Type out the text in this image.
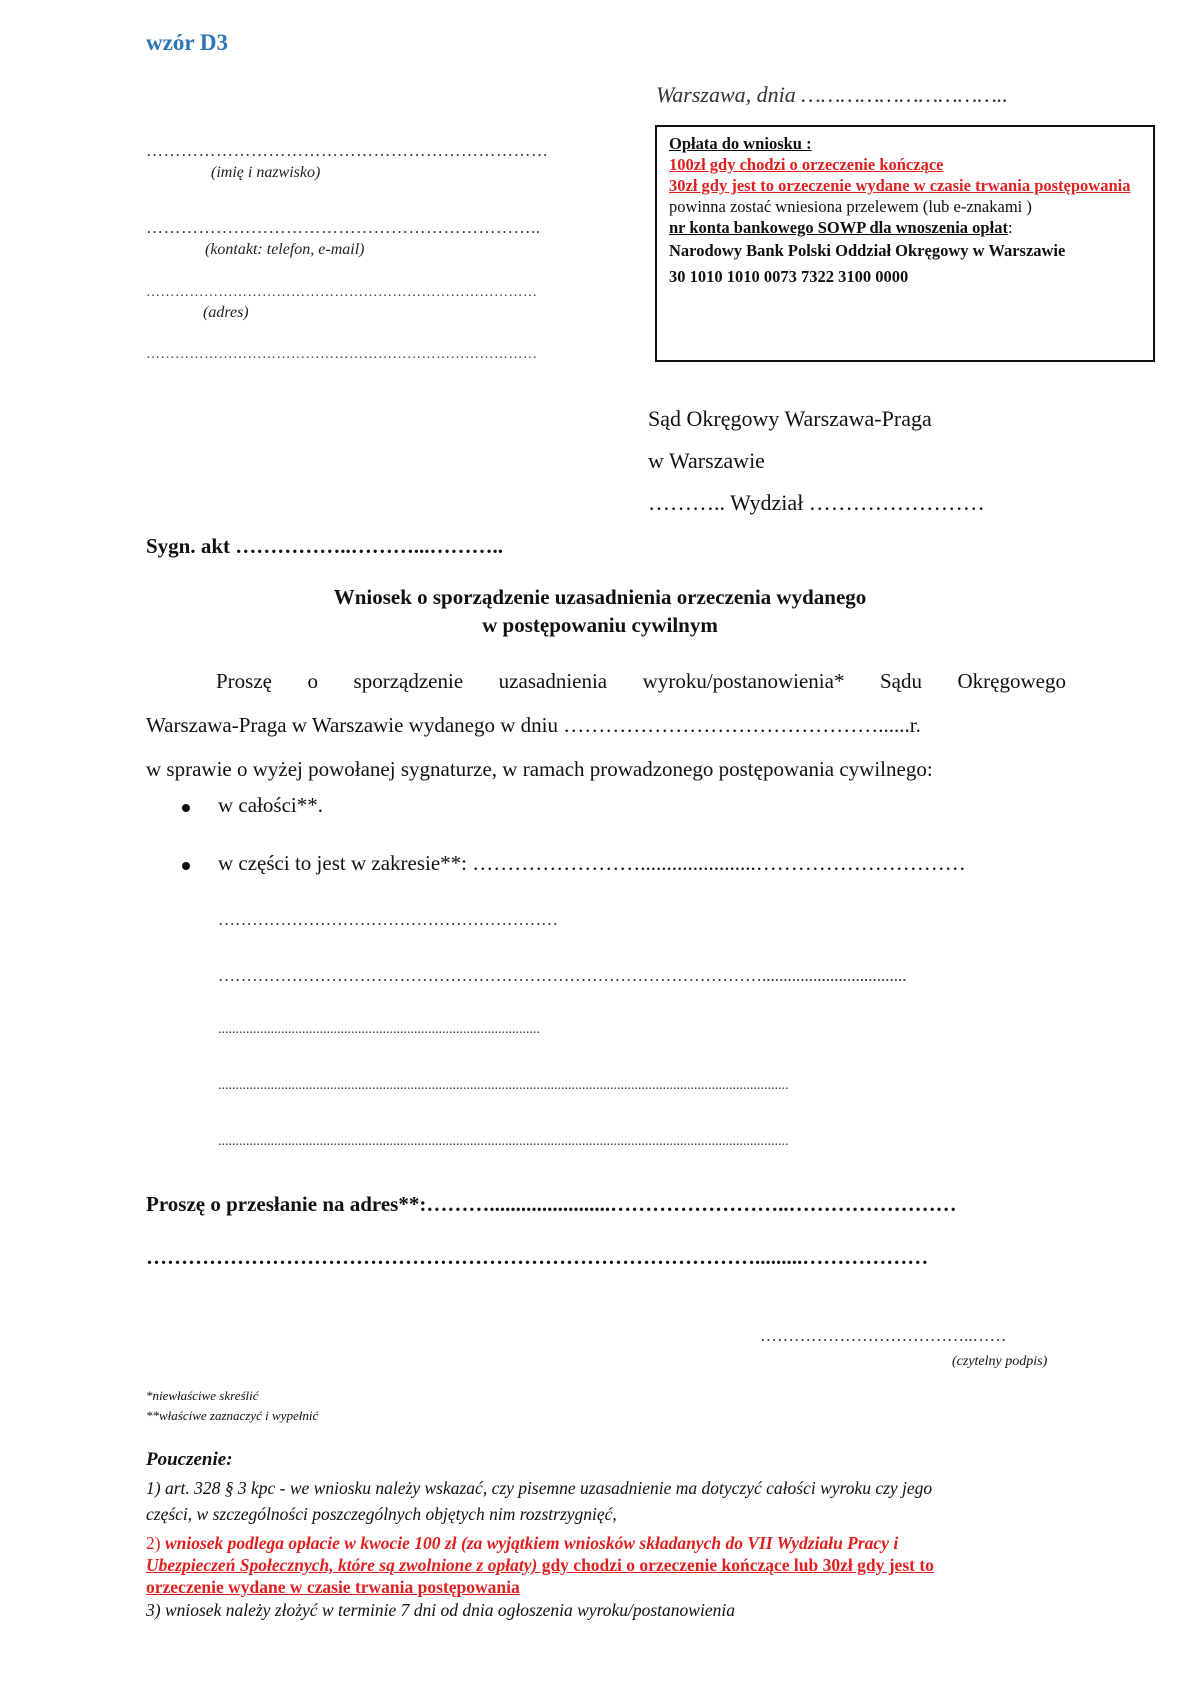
wzór D3
Warszawa, dnia …………………………..
……………………………………………………………
(imię i nazwisko)
…………………………………………………………..
(kontakt: telefon, e-mail)
………………………………………………………………………
(adres)
………………………………………………………………………
Opłata do wniosku :
100zł gdy chodzi o orzeczenie kończące
30zł gdy jest to orzeczenie wydane w czasie trwania postępowania
powinna zostać wniesiona przelewem (lub e-znakami )
nr konta bankowego SOWP dla wnoszenia opłat:
Narodowy Bank Polski Oddział Okręgowy w Warszawie
30 1010 1010 0073 7322 3100 0000
Sąd Okręgowy Warszawa-Praga
w Warszawie
……….. Wydział ……………………
Sygn. akt ……………..………...………..
Wniosek o sporządzenie uzasadnienia orzeczenia wydanego
w postępowaniu cywilnym
Proszę o sporządzenie uzasadnienia wyroku/postanowienia* Sądu Okręgowego
Warszawa-Praga w Warszawie wydanego w dniu ………………………………………......r.
w sprawie o wyżej powołanej sygnaturze, w ramach prowadzonego postępowania cywilnego:
w całości**.
w części to jest w zakresie**: ……………………......................…………………………
……………………………………………………
……………………………………………………………………………………..................................
............................................................................................
...................................................................................................................................................................
...................................................................................................................................................................
Proszę o przesłanie na adres**:……….......................……………………..……………………
…………………………………………………………………………….........………………
………………………………..……
(czytelny podpis)
*niewłaściwe skreślić
**właściwe zaznaczyć i wypełnić
Pouczenie:
1) art. 328 § 3 kpc - we wniosku należy wskazać, czy pisemne uzasadnienie ma dotyczyć całości wyroku czy jego
części, w szczególności poszczególnych objętych nim rozstrzygnięć,
2) wniosek podlega opłacie w kwocie 100 zł (za wyjątkiem wniosków składanych do VII Wydziału Pracy i
Ubezpieczeń Społecznych, które są zwolnione z opłaty) gdy chodzi o orzeczenie kończące lub 30zł gdy jest to
orzeczenie wydane w czasie trwania postępowania
3) wniosek należy złożyć w terminie 7 dni od dnia ogłoszenia wyroku/postanowienia
